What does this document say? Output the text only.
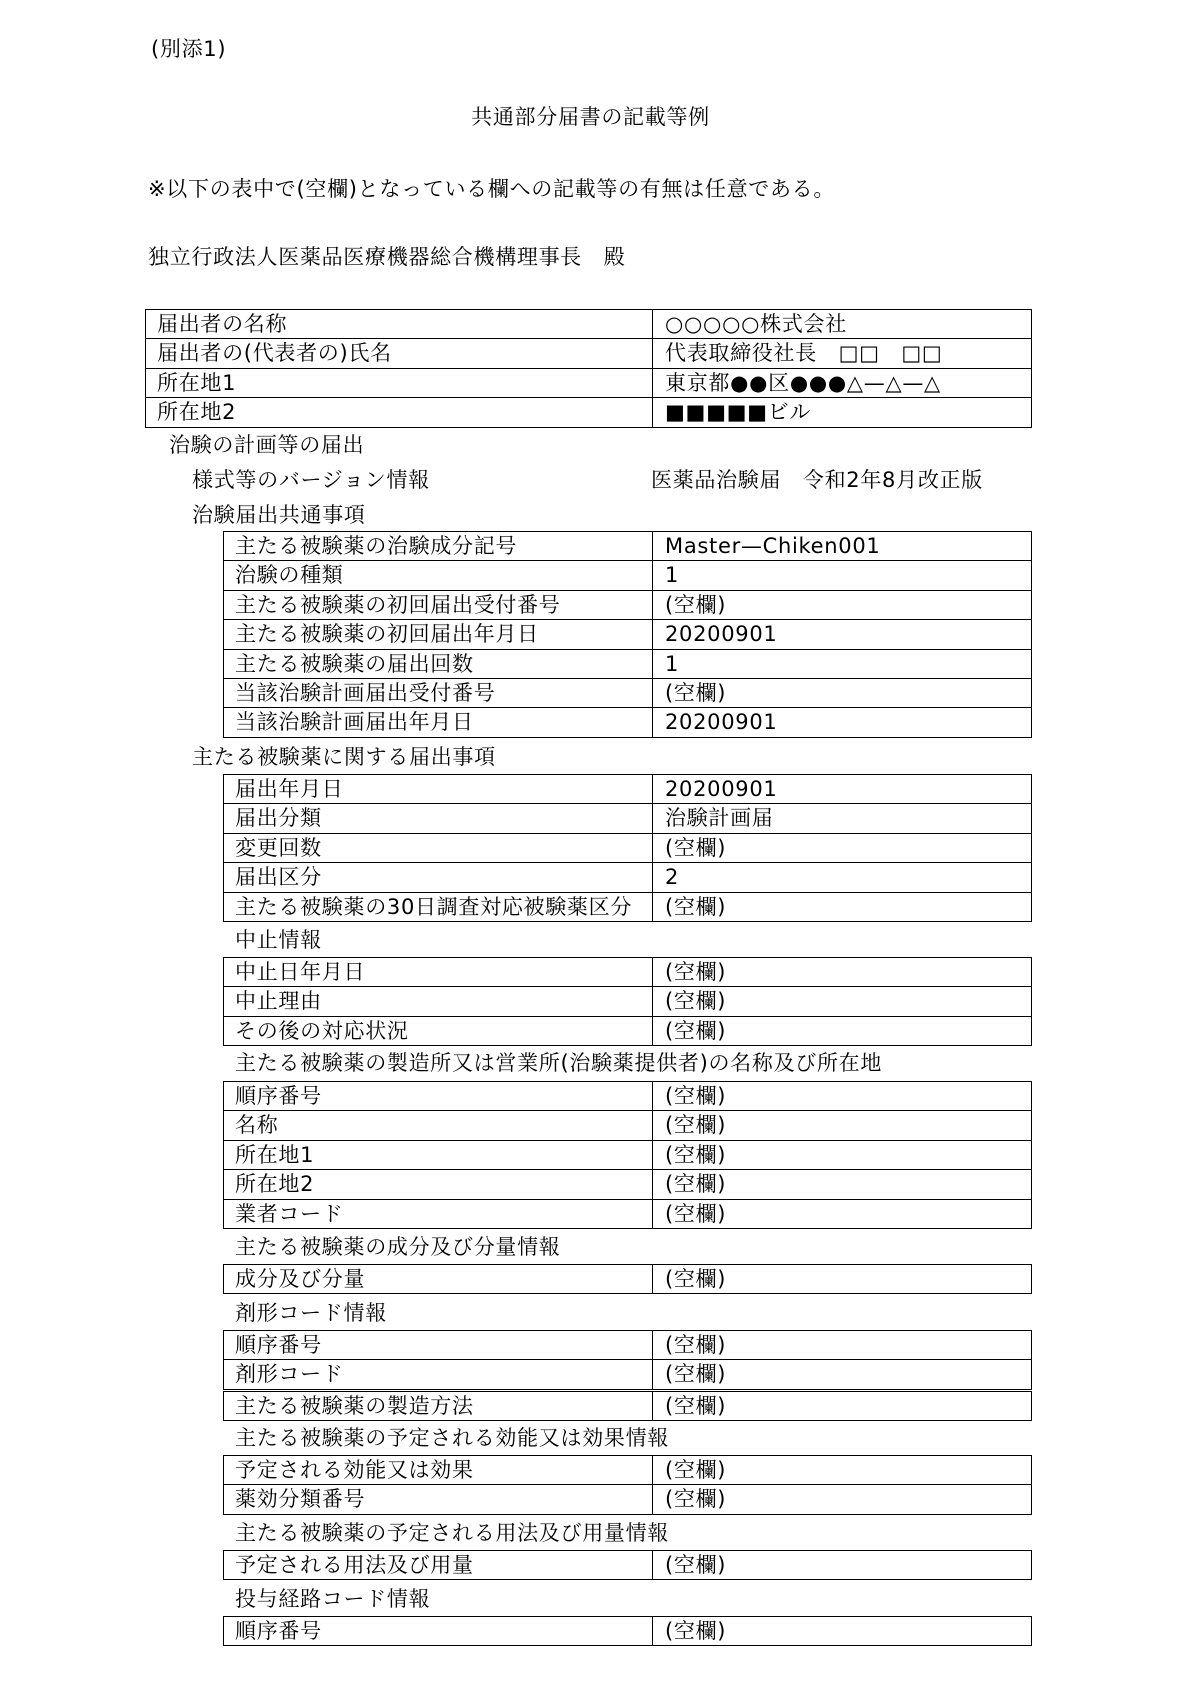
(別添1)
共通部分届書の記載等例
※以下の表中で(空欄)となっている欄への記載等の有無は任意である。
独立行政法人医薬品医療機器総合機構理事長　殿
届出者の名称	○○○○○株式会社
届出者の(代表者の)氏名	代表取締役社長　□□　□□
所在地1	東京都●●区●●●△—△—△
所在地2	■■■■■ビル
治験の計画等の届出
様式等のバージョン情報	医薬品治験届　令和2年8月改正版
治験届出共通事項
主たる被験薬の治験成分記号	Master—Chiken001
治験の種類	1
主たる被験薬の初回届出受付番号	(空欄)
主たる被験薬の初回届出年月日	20200901
主たる被験薬の届出回数	1
当該治験計画届出受付番号	(空欄)
当該治験計画届出年月日	20200901
主たる被験薬に関する届出事項
届出年月日	20200901
届出分類	治験計画届
変更回数	(空欄)
届出区分	2
主たる被験薬の30日調査対応被験薬区分	(空欄)
中止情報
中止日年月日	(空欄)
中止理由	(空欄)
その後の対応状況	(空欄)
主たる被験薬の製造所又は営業所(治験薬提供者)の名称及び所在地
順序番号	(空欄)
名称	(空欄)
所在地1	(空欄)
所在地2	(空欄)
業者コード	(空欄)
主たる被験薬の成分及び分量情報
成分及び分量	(空欄)
剤形コード情報
順序番号	(空欄)
剤形コード	(空欄)
主たる被験薬の製造方法	(空欄)
主たる被験薬の予定される効能又は効果情報
予定される効能又は効果	(空欄)
薬効分類番号	(空欄)
主たる被験薬の予定される用法及び用量情報
予定される用法及び用量	(空欄)
投与経路コード情報
順序番号	(空欄)
